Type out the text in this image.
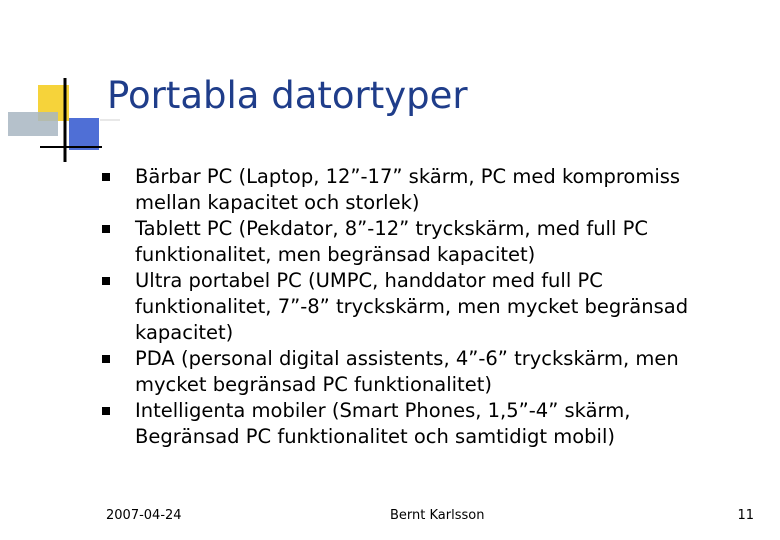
Portabla datortyper
Bärbar PC (Laptop, 12”-17” skärm, PC med kompromiss mellan kapacitet och storlek)
Tablett PC (Pekdator, 8”-12” tryckskärm, med full PC funktionalitet, men begränsad kapacitet)
Ultra portabel PC (UMPC, handdator med full PC funktionalitet, 7”-8” tryckskärm, men mycket begränsad kapacitet)
PDA (personal digital assistents, 4”-6” tryckskärm, men mycket begränsad PC funktionalitet)
Intelligenta mobiler (Smart Phones, 1,5”-4” skärm, Begränsad PC funktionalitet och samtidigt mobil)
2007-04-24	Bernt Karlsson	11
